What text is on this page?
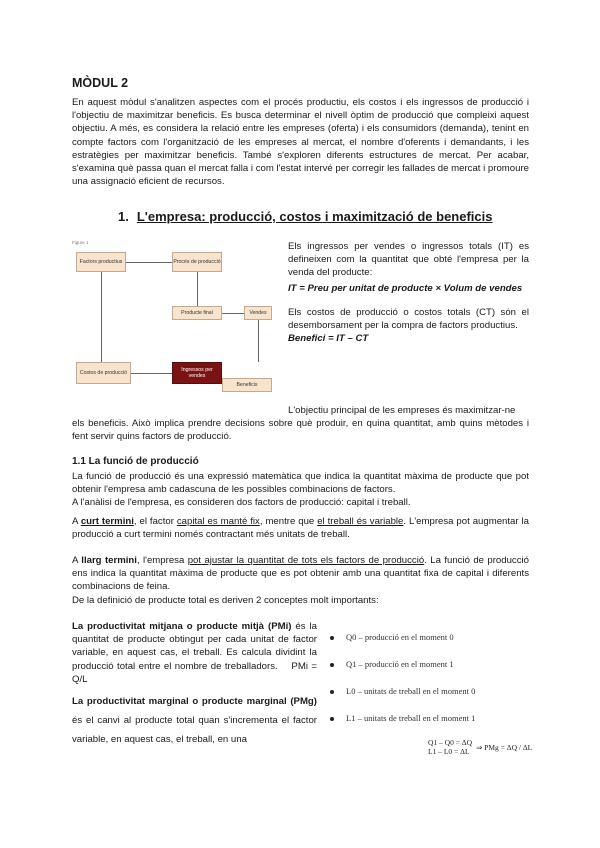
MÒDUL 2

En aquest mòdul s'analitzen aspectes com el procés productiu, els costos i els ingressos de producció i l'objectiu de maximitzar beneficis. Es busca determinar el nivell òptim de producció que compleixi aquest objectiu. A més, es considera la relació entre les empreses (oferta) i els consumidors (demanda), tenint en compte factors com l'organització de les empreses al mercat, el nombre d'oferents i demandants, i les estratègies per maximitzar beneficis. També s'exploren diferents estructures de mercat. Per acabar, s'examina què passa quan el mercat falla i com l'estat intervé per corregir les fallades de mercat i promoure una assignació eficient de recursos.

1. L'empresa: producció, costos i maximització de beneficis
Figure 1
Factors productius	Procés de producció
Producte final	Vendes
Costos de producció	Ingressos per vendes
Beneficis

Els ingressos per vendes o ingressos totals (IT) es defineixen com la quantitat que obté l'empresa per la venda del producte:

IT = Preu per unitat de producte × Volum de vendes

Els costos de producció o costos totals (CT) són el desemborsament per la compra de factors productius.

Benefici = IT – CT

L'objectiu principal de les empreses és maximitzar-ne

els beneficis. Això implica prendre decisions sobre què produir, en quina quantitat, amb quins mètodes i fent servir quins factors de producció.

1.1 La funció de producció

La funció de producció és una expressió matemàtica que indica la quantitat màxima de producte que pot obtenir l'empresa amb cadascuna de les possibles combinacions de factors.

A l'anàlisi de l'empresa, es consideren dos factors de producció: capital i treball.

A curt termini, el factor capital es manté fix, mentre que el treball és variable. L'empresa pot augmentar la producció a curt termini només contractant més unitats de treball.

A llarg termini, l'empresa pot ajustar la quantitat de tots els factors de producció. La funció de producció ens indica la quantitat màxima de producte que es pot obtenir amb una quantitat fixa de capital i diferents combinacions de feina.

De la definició de producte total es deriven 2 conceptes molt importants:

La productivitat mitjana o producte mitjà (PMi) és la quantitat de producte obtingut per cada unitat de factor variable, en aquest cas, el treball. Es calcula dividint la producció total entre el nombre de treballadors. PMi = Q/L

La productivitat marginal o producte marginal (PMg) és el canvi al producte total quan s'incrementa el factor variable, en aquest cas, el treball, en una

Q0 – producció en el moment 0
Q1 – producció en el moment 1
L0 – unitats de treball en el moment 0
L1 – unitats de treball en el moment 1
Q1 – Q0 = ΔQ
L1 – L0 = ΔL ⇒ PMg = ΔQ / ΔL
